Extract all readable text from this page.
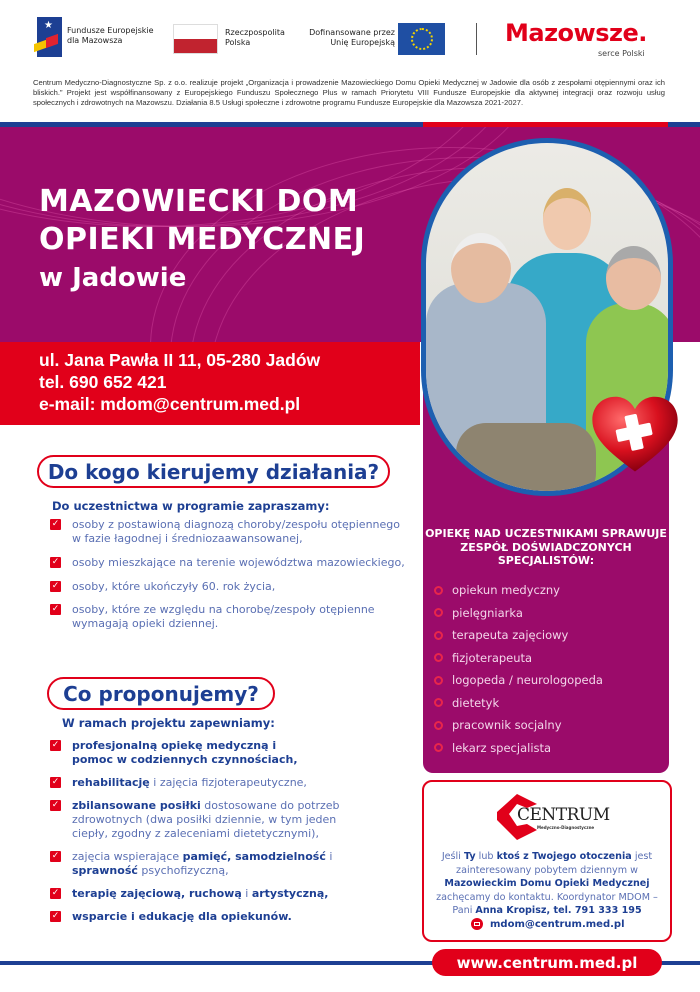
★ Fundusze Europejskie
dla Mazowsza
Rzeczpospolita
Polska
Dofinansowane przez
Unię Europejską	Mazowsze.
serce Polski
Centrum Medyczno-Diagnostyczne Sp. z o.o. realizuje projekt „Organizacja i prowadzenie Mazowieckiego Domu Opieki Medycznej w Jadowie dla osób z zespołami otępiennymi oraz ich bliskich.” Projekt jest współfinansowany z Europejskiego Funduszu Społecznego Plus w ramach Priorytetu VIII Fundusze Europejskie dla aktywnej integracji oraz rozwoju usług społecznych i zdrowotnych na Mazowszu. Działania 8.5 Usługi społeczne i zdrowotne programu Fundusze Europejskie dla Mazowsza 2021-2027.
MAZOWIECKI DOM
OPIEKI MEDYCZNEJ
w Jadowie
ul. Jana Pawła II 11, 05-280 Jadów
tel. 690 652 421
e-mail: mdom@centrum.med.pl
OPIEKĘ NAD UCZESTNIKAMI SPRAWUJE ZESPÓŁ DOŚWIADCZONYCH SPECJALISTÓW:
opiekun medyczny
pielęgniarka
terapeuta zajęciowy
fizjoterapeuta
logopeda / neurologopeda
dietetyk
pracownik socjalny
lekarz specjalista
Do kogo kierujemy działania?
Do uczestnictwa w programie zapraszamy:
✓ osoby z postawioną diagnozą choroby/zespołu otępiennego w fazie łagodnej i średniozaawansowanej,
✓ osoby mieszkające na terenie województwa mazowieckiego,
✓ osoby, które ukończyły 60. rok życia,
✓ osoby, które ze względu na chorobę/zespoły otępienne wymagają opieki dziennej.
Co proponujemy?
W ramach projektu zapewniamy:
✓ profesjonalną opiekę medyczną i pomoc w codziennych czynnościach,
✓ rehabilitację i zajęcia fizjoterapeutyczne,
✓ zbilansowane posiłki dostosowane do potrzeb zdrowotnych (dwa posiłki dziennie, w tym jeden ciepły, zgodny z zaleceniami dietetycznymi),
✓ zajęcia wspierające pamięć, samodzielność i sprawność psychofizyczną,
✓ terapię zajęciową, ruchową i artystyczną,
✓ wsparcie i edukację dla opiekunów.
CENTRUM
Medyczno-Diagnostyczne
Jeśli Ty lub ktoś z Twojego otoczenia jest zainteresowany pobytem dziennym w Mazowieckim Domu Opieki Medycznej zachęcamy do kontaktu. Koordynator MDOM – Pani Anna Kropisz, tel. 791 333 195
mdom@centrum.med.pl
www.centrum.med.pl
